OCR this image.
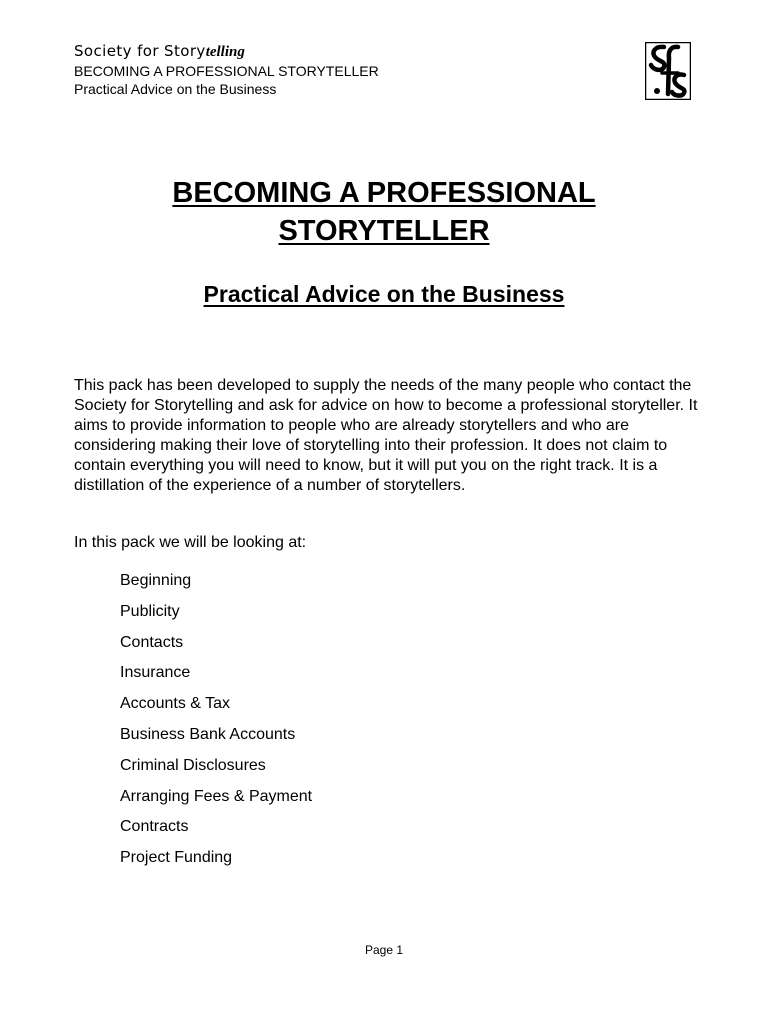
Society for Storytelling
BECOMING A PROFESSIONAL STORYTELLER
Practical Advice on the Business
BECOMING A PROFESSIONAL
STORYTELLER
Practical Advice on the Business

This pack has been developed to supply the needs of the many people who contact the Society for Storytelling and ask for advice on how to become a professional storyteller. It aims to provide information to people who are already storytellers and who are considering making their love of storytelling into their profession. It does not claim to contain everything you will need to know, but it will put you on the right track. It is a distillation of the experience of a number of storytellers.

In this pack we will be looking at:

Beginning
Publicity
Contacts
Insurance
Accounts & Tax
Business Bank Accounts
Criminal Disclosures
Arranging Fees & Payment
Contracts
Project Funding
Page 1
